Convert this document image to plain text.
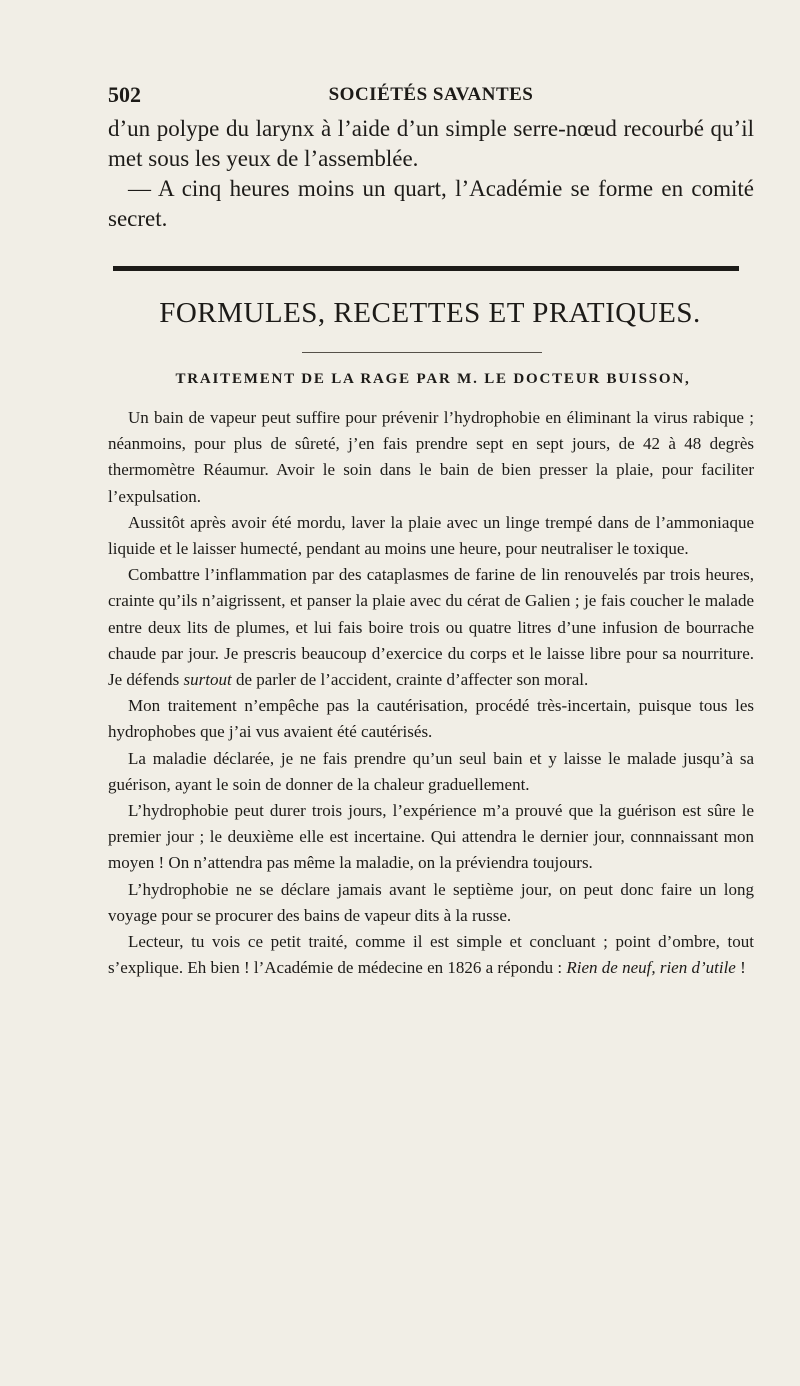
502	SOCIÉTÉS SAVANTES

d’un polype du larynx à l’aide d’un simple serre-nœud recourbé qu’il met sous les yeux de l’assemblée.

— A cinq heures moins un quart, l’Académie se forme en comité secret.

FORMULES, RECETTES ET PRATIQUES.
TRAITEMENT DE LA RAGE PAR M. LE DOCTEUR BUISSON,

Un bain de vapeur peut suffire pour prévenir l’hydrophobie en éliminant la virus rabique ; néanmoins, pour plus de sûreté, j’en fais prendre sept en sept jours, de 42 à 48 degrès thermomètre Réaumur. Avoir le soin dans le bain de bien presser la plaie, pour faciliter l’expulsation.

Aussitôt après avoir été mordu, laver la plaie avec un linge trempé dans de l’ammoniaque liquide et le laisser humecté, pendant au moins une heure, pour neutraliser le toxique.

Combattre l’inflammation par des cataplasmes de farine de lin renouvelés par trois heures, crainte qu’ils n’aigrissent, et panser la plaie avec du cérat de Galien ; je fais coucher le malade entre deux lits de plumes, et lui fais boire trois ou quatre litres d’une infusion de bourrache chaude par jour. Je prescris beaucoup d’exercice du corps et le laisse libre pour sa nourriture. Je défends surtout de parler de l’accident, crainte d’affecter son moral.

Mon traitement n’empêche pas la cautérisation, procédé très-incertain, puisque tous les hydrophobes que j’ai vus avaient été cautérisés.

La maladie déclarée, je ne fais prendre qu’un seul bain et y laisse le malade jusqu’à sa guérison, ayant le soin de donner de la chaleur graduellement.

L’hydrophobie peut durer trois jours, l’expérience m’a prouvé que la guérison est sûre le premier jour ; le deuxième elle est incertaine. Qui attendra le dernier jour, connnaissant mon moyen ! On n’attendra pas même la maladie, on la préviendra toujours.

L’hydrophobie ne se déclare jamais avant le septième jour, on peut donc faire un long voyage pour se procurer des bains de vapeur dits à la russe.

Lecteur, tu vois ce petit traité, comme il est simple et concluant ; point d’ombre, tout s’explique. Eh bien ! l’Académie de médecine en 1826 a répondu : Rien de neuf, rien d’utile !
